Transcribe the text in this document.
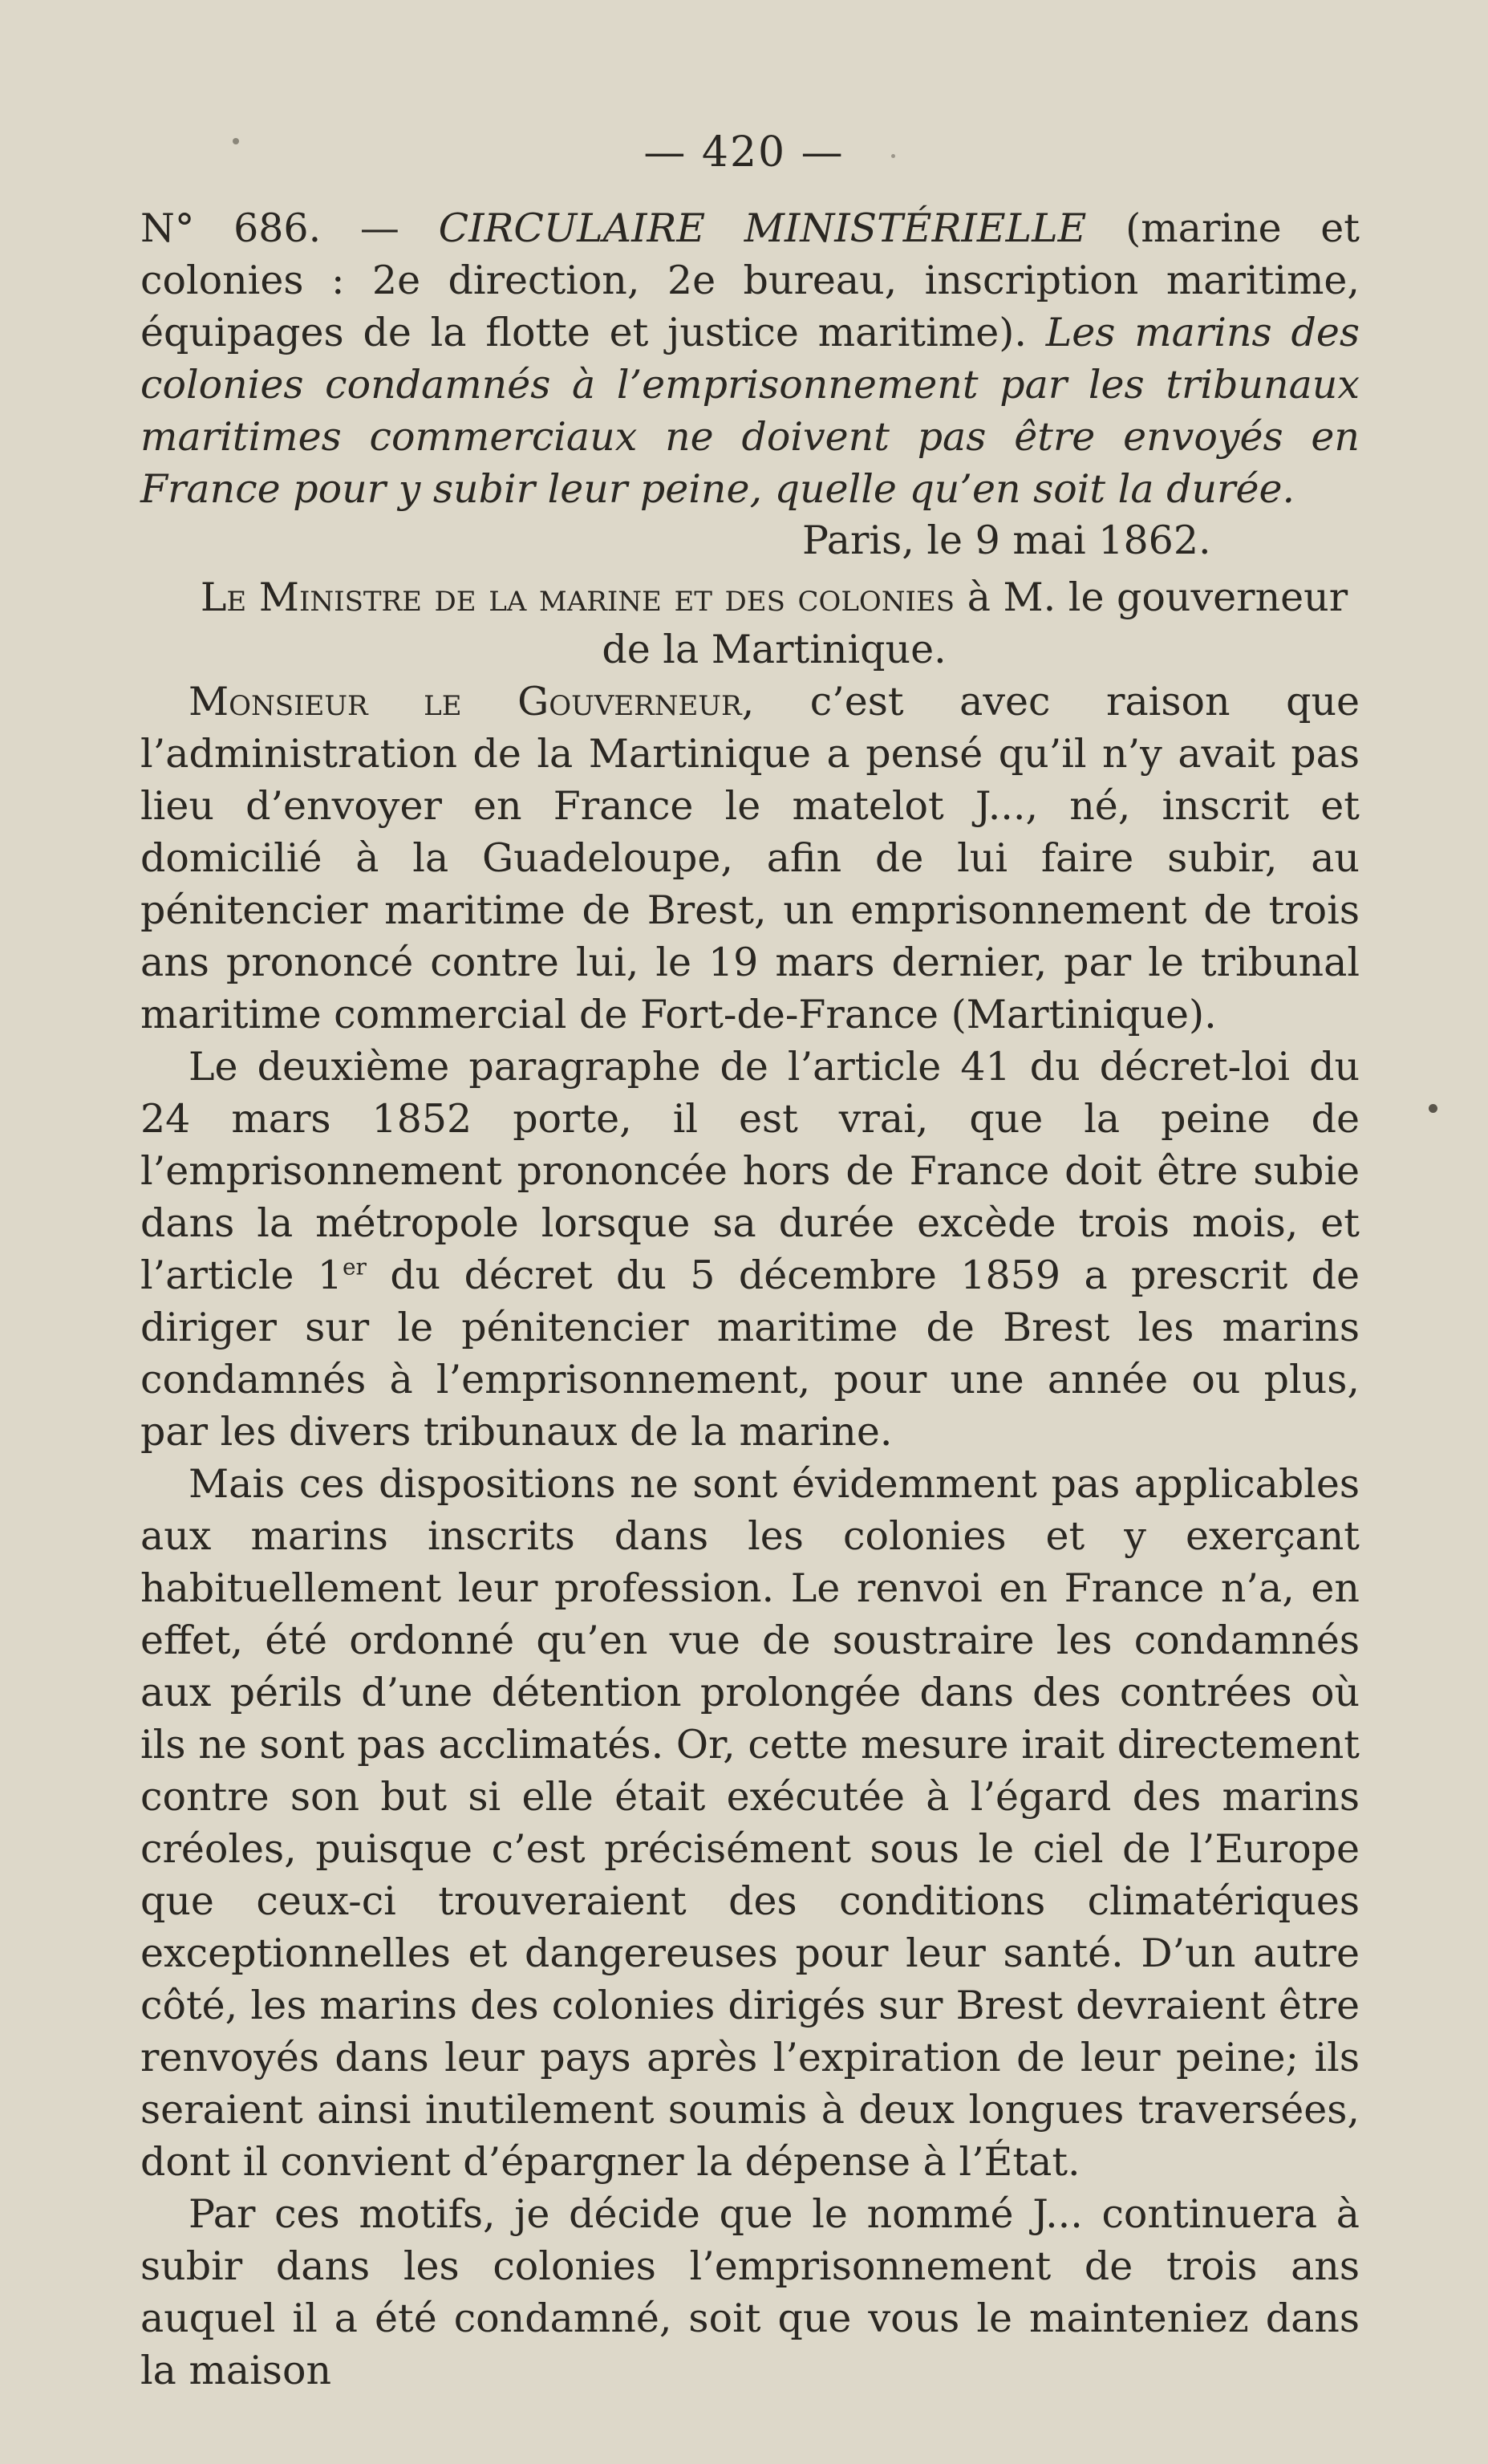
— 420 —
N° 686. — CIRCULAIRE MINISTÉRIELLE (marine et colonies : 2e direction, 2e bureau, inscription maritime, équipages de la flotte et justice maritime). Les marins des colonies condamnés à l’emprisonnement par les tribunaux maritimes commerciaux ne doivent pas être envoyés en France pour y subir leur peine, quelle qu’en soit la durée.
Paris, le 9 mai 1862.
Le Ministre de la marine et des colonies à M. le gouverneur de la Martinique.

Monsieur le Gouverneur, c’est avec raison que l’administration de la Martinique a pensé qu’il n’y avait pas lieu d’envoyer en France le matelot J..., né, inscrit et domicilié à la Guadeloupe, afin de lui faire subir, au pénitencier maritime de Brest, un emprisonnement de trois ans prononcé contre lui, le 19 mars dernier, par le tribunal maritime commercial de Fort-de-France (Martinique).

Le deuxième paragraphe de l’article 41 du décret-loi du 24 mars 1852 porte, il est vrai, que la peine de l’emprisonnement prononcée hors de France doit être subie dans la métropole lorsque sa durée excède trois mois, et l’article 1er du décret du 5 décembre 1859 a prescrit de diriger sur le pénitencier maritime de Brest les marins condamnés à l’emprisonnement, pour une année ou plus, par les divers tribunaux de la marine.

Mais ces dispositions ne sont évidemment pas applicables aux marins inscrits dans les colonies et y exerçant habituellement leur profession. Le renvoi en France n’a, en effet, été ordonné qu’en vue de soustraire les condamnés aux périls d’une détention prolongée dans des contrées où ils ne sont pas acclimatés. Or, cette mesure irait directement contre son but si elle était exécutée à l’égard des marins créoles, puisque c’est précisément sous le ciel de l’Europe que ceux-ci trouveraient des conditions climatériques exceptionnelles et dangereuses pour leur santé. D’un autre côté, les marins des colonies dirigés sur Brest devraient être renvoyés dans leur pays après l’expiration de leur peine; ils seraient ainsi inutilement soumis à deux longues traversées, dont il convient d’épargner la dépense à l’État.

Par ces motifs, je décide que le nommé J... continuera à subir dans les colonies l’emprisonnement de trois ans auquel il a été condamné, soit que vous le mainteniez dans la maison
